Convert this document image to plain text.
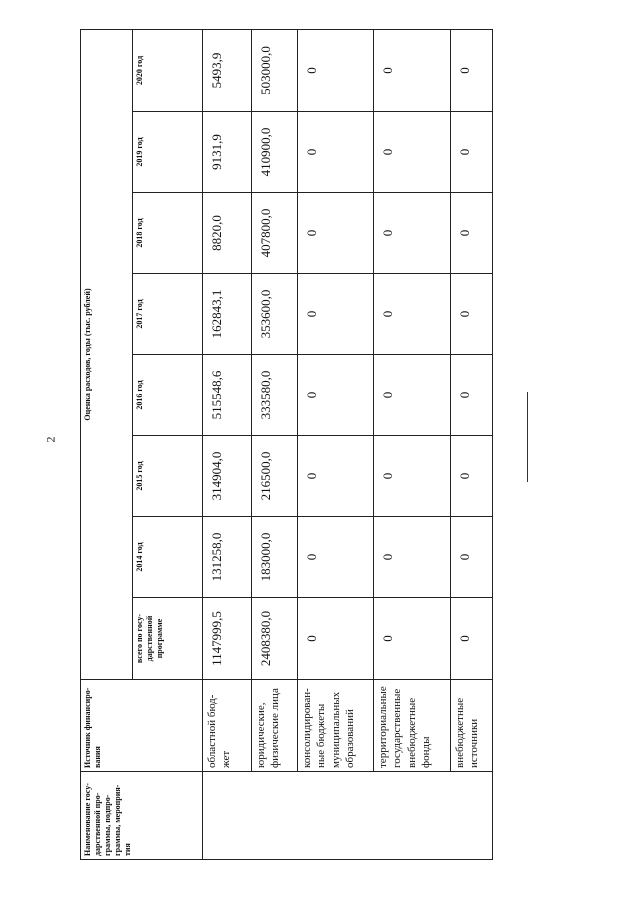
2
Наименование госу-дарственной про-граммы, подпро-граммы, мероприя-тия	Источник финансиро-вания	Оценка расходов, годы (тыс. рублей)							
		всего по госу-дарственной программе	2014 год	2015 год	2016 год	2017 год	2018 год	2019 год	2020 год
	областной бюд-жет	1147999,5	131258,0	314904,0	515548,6	162843,1	8820,0	9131,9	5493,9
	юридические, физические лица	2408380,0	183000,0	216500,0	333580,0	353600,0	407800,0	410900,0	503000,0
	консолидирован-ные бюджеты муниципальных образований	0	0	0	0	0	0	0	0
	территориальные государственные внебюджетные фонды	0	0	0	0	0	0	0	0
	внебюджетные источники	0	0	0	0	0	0	0	0
